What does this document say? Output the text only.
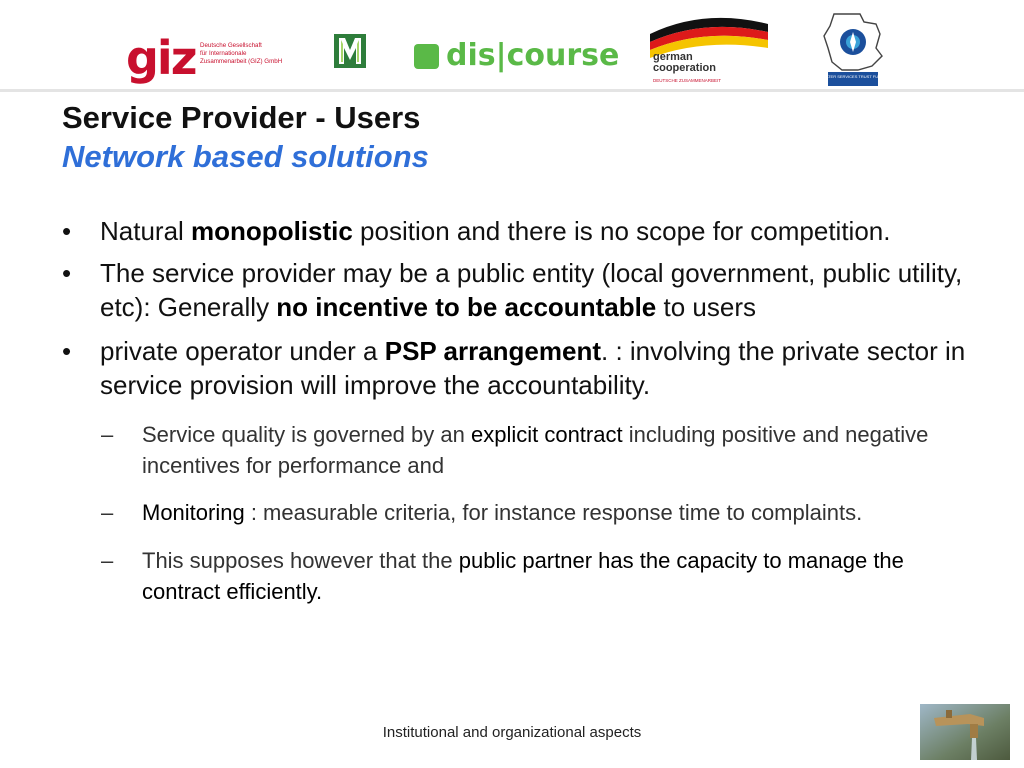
giz Deutsche Gesellschaft
für Internationale
Zusammenarbeit (GIZ) GmbH	dis|course	german
cooperation
DEUTSCHE ZUSAMMENARBEIT
WATER SERVICES TRUST FUND
Service Provider - Users
Network based solutions
•	Natural monopolistic position and there is no scope for competition.
•	The service provider may be a public entity (local government, public utility, etc): Generally no incentive to be accountable to users
•	private operator under a PSP arrangement. : involving the private sector in service provision will improve the accountability.
– Service quality is governed by an explicit contract including positive and negative incentives for performance and
– Monitoring : measurable criteria, for instance response time to complaints.
– This supposes however that the public partner has the capacity to manage the contract efficiently.
Institutional and organizational aspects
